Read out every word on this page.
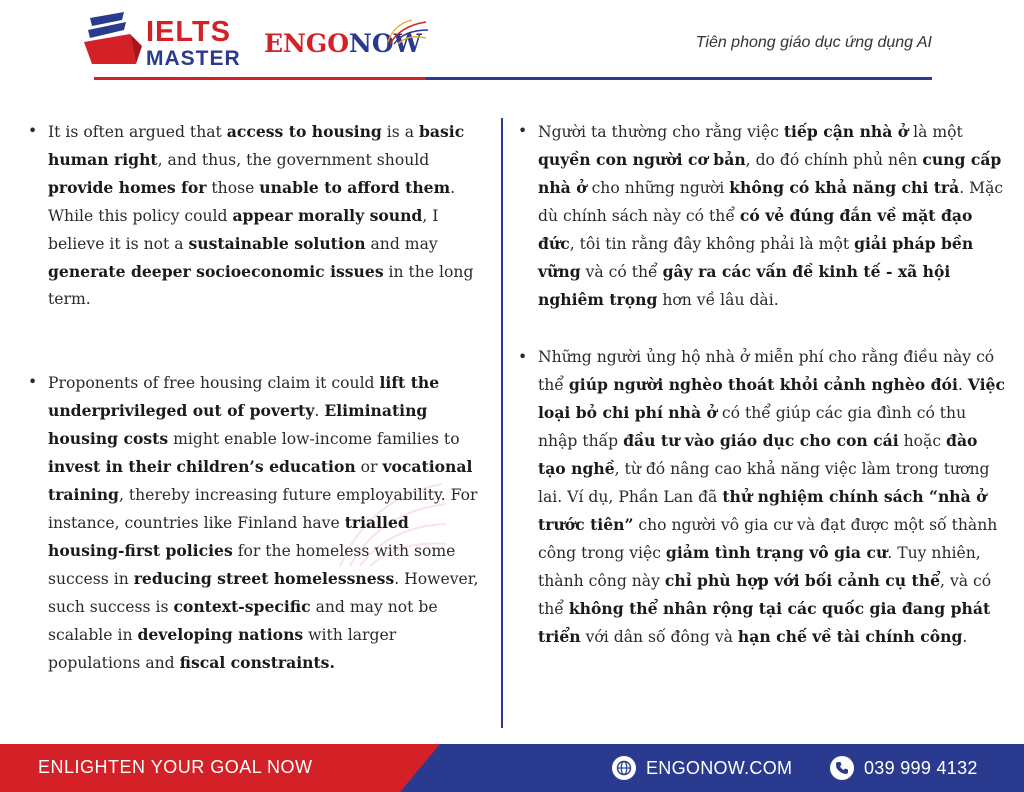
IELTS
MASTER
ENGONOW	Tiên phong giáo dục ứng dụng AI
• It is often argued that access to housing is a basic human right, and thus, the government should provide homes for those unable to afford them. While this policy could appear morally sound, I believe it is not a sustainable solution and may generate deeper socioeconomic issues in the long term.
• Proponents of free housing claim it could lift the underprivileged out of poverty. Eliminating housing costs might enable low-income families to invest in their children’s education or vocational training, thereby increasing future employability. For instance, countries like Finland have trialled housing-first policies for the homeless with some success in reducing street homelessness. However, such success is context-specific and may not be scalable in developing nations with larger populations and fiscal constraints.
• Người ta thường cho rằng việc tiếp cận nhà ở là một quyền con người cơ bản, do đó chính phủ nên cung cấp nhà ở cho những người không có khả năng chi trả. Mặc dù chính sách này có thể có vẻ đúng đắn về mặt đạo đức, tôi tin rằng đây không phải là một giải pháp bền vững và có thể gây ra các vấn đề kinh tế - xã hội nghiêm trọng hơn về lâu dài.
• Những người ủng hộ nhà ở miễn phí cho rằng điều này có thể giúp người nghèo thoát khỏi cảnh nghèo đói. Việc loại bỏ chi phí nhà ở có thể giúp các gia đình có thu nhập thấp đầu tư vào giáo dục cho con cái hoặc đào tạo nghề, từ đó nâng cao khả năng việc làm trong tương lai. Ví dụ, Phần Lan đã thử nghiệm chính sách “nhà ở trước tiên” cho người vô gia cư và đạt được một số thành công trong việc giảm tình trạng vô gia cư. Tuy nhiên, thành công này chỉ phù hợp với bối cảnh cụ thể, và có thể không thể nhân rộng tại các quốc gia đang phát triển với dân số đông và hạn chế về tài chính công.
ENLIGHTEN YOUR GOAL NOW	ENGONOW.COM	039 999 4132
